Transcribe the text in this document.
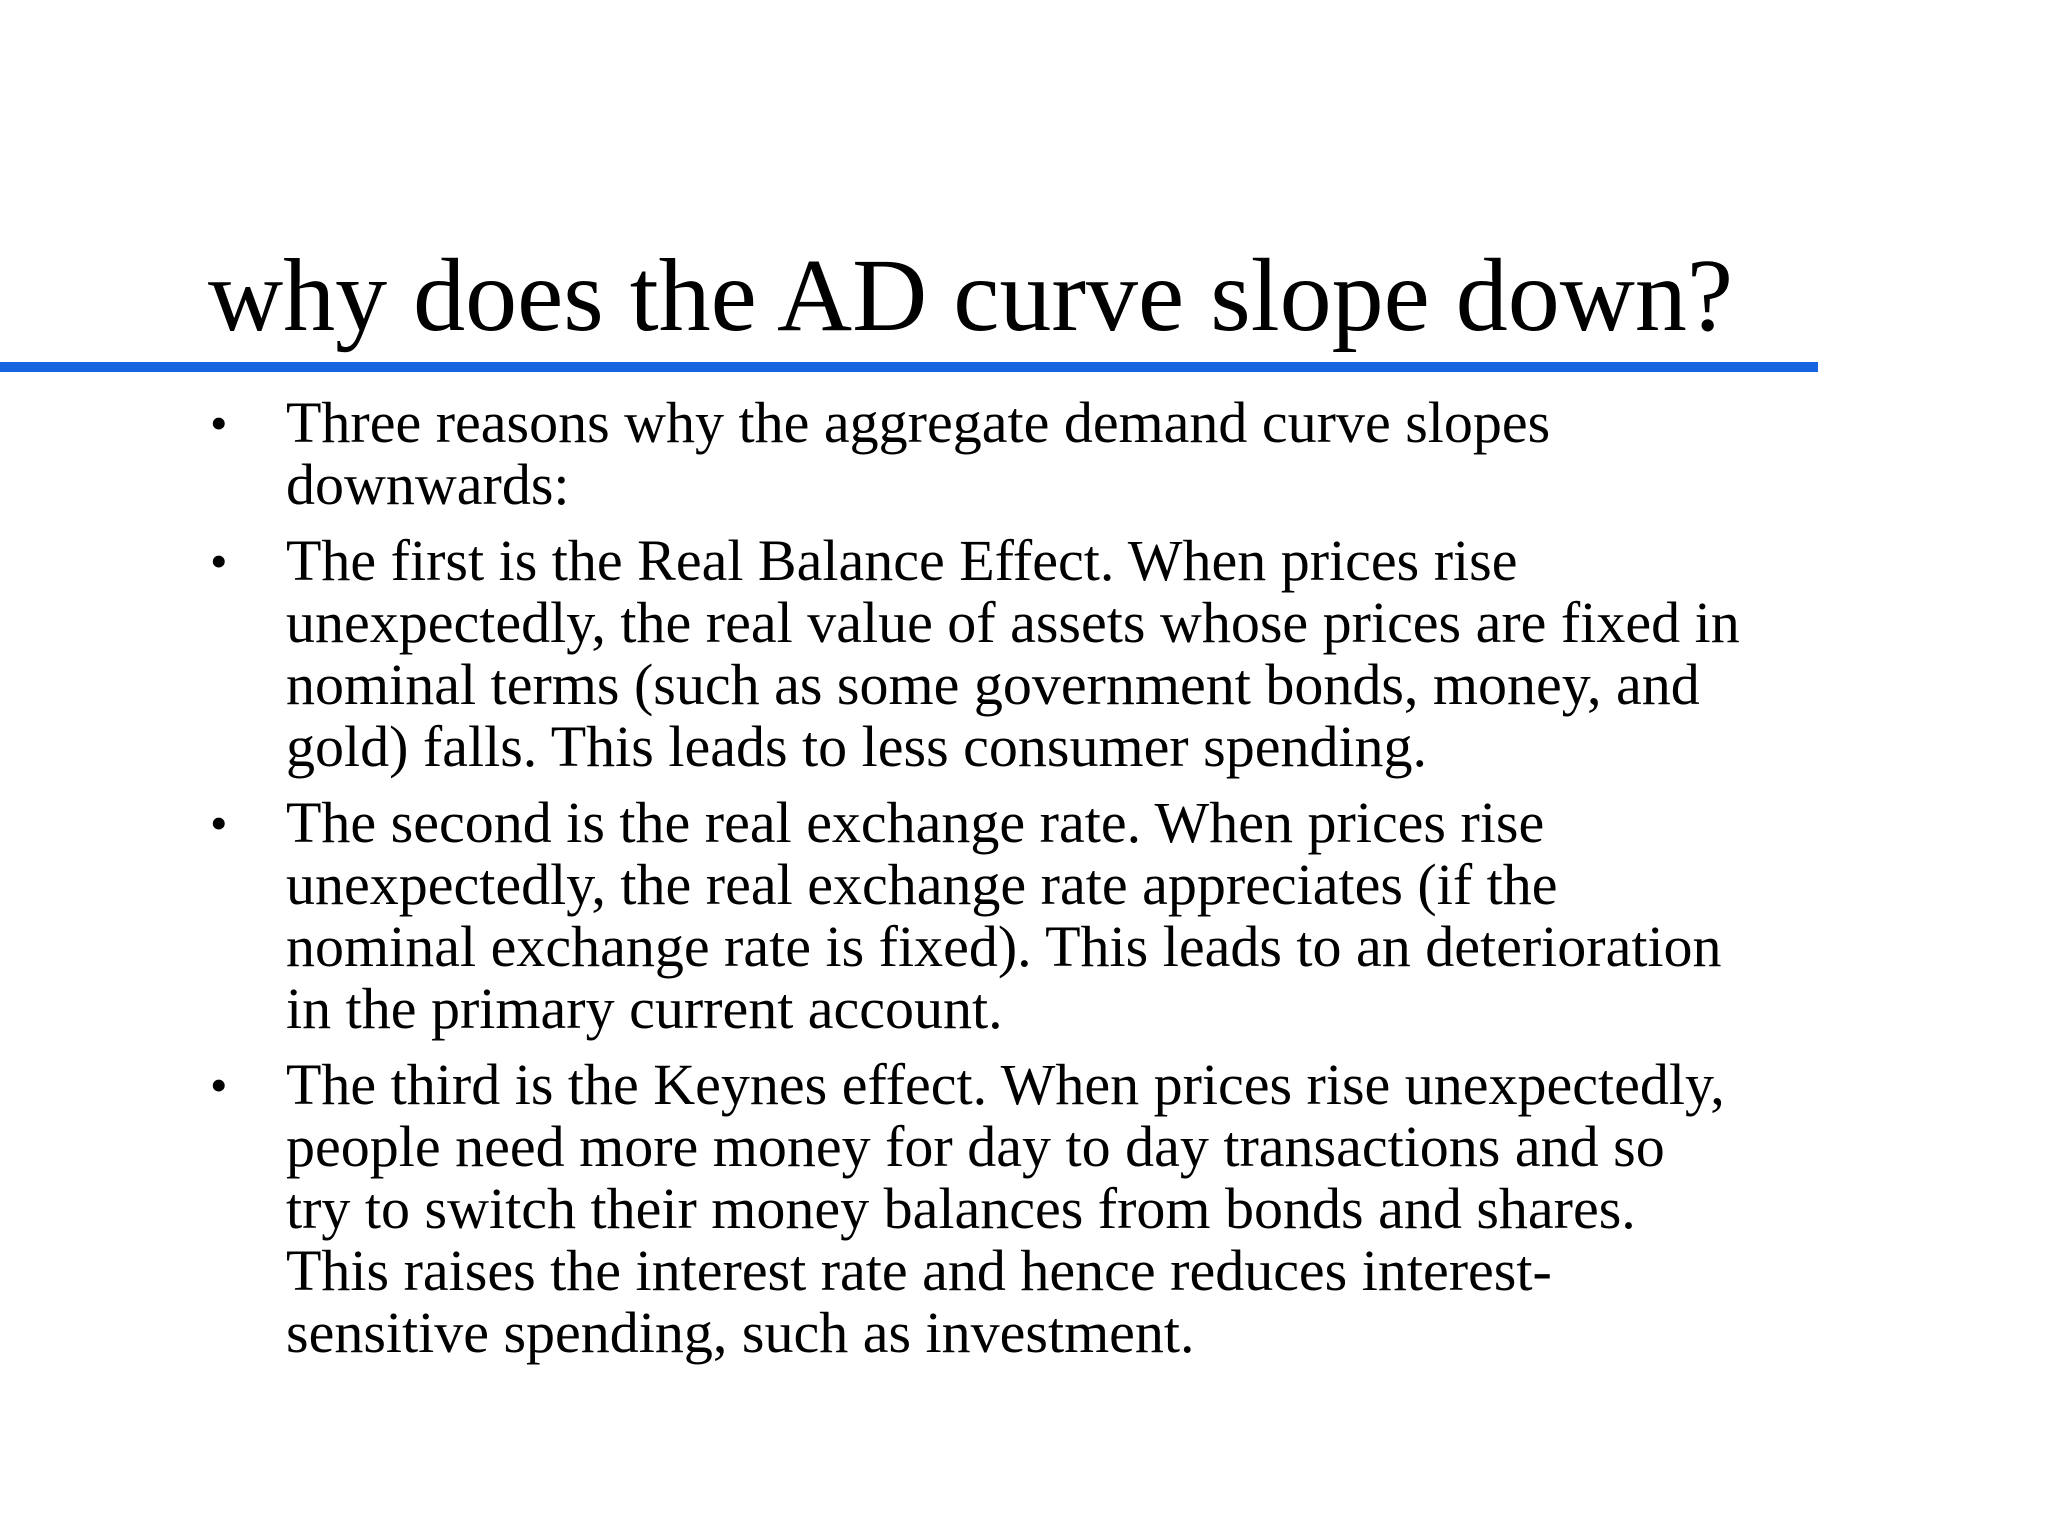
why does the AD curve slope down?
•	Three reasons why the aggregate demand curve slopes
downwards:
•	The first is the Real Balance Effect. When prices rise
unexpectedly, the real value of assets whose prices are fixed in
nominal terms (such as some government bonds, money, and
gold) falls. This leads to less consumer spending.
•	The second is the real exchange rate. When prices rise
unexpectedly, the real exchange rate appreciates (if the
nominal exchange rate is fixed). This leads to an deterioration
in the primary current account.
•	The third is the Keynes effect. When prices rise unexpectedly,
people need more money for day to day transactions and so
try to switch their money balances from bonds and shares.
This raises the interest rate and hence reduces interest-
sensitive spending, such as investment.
